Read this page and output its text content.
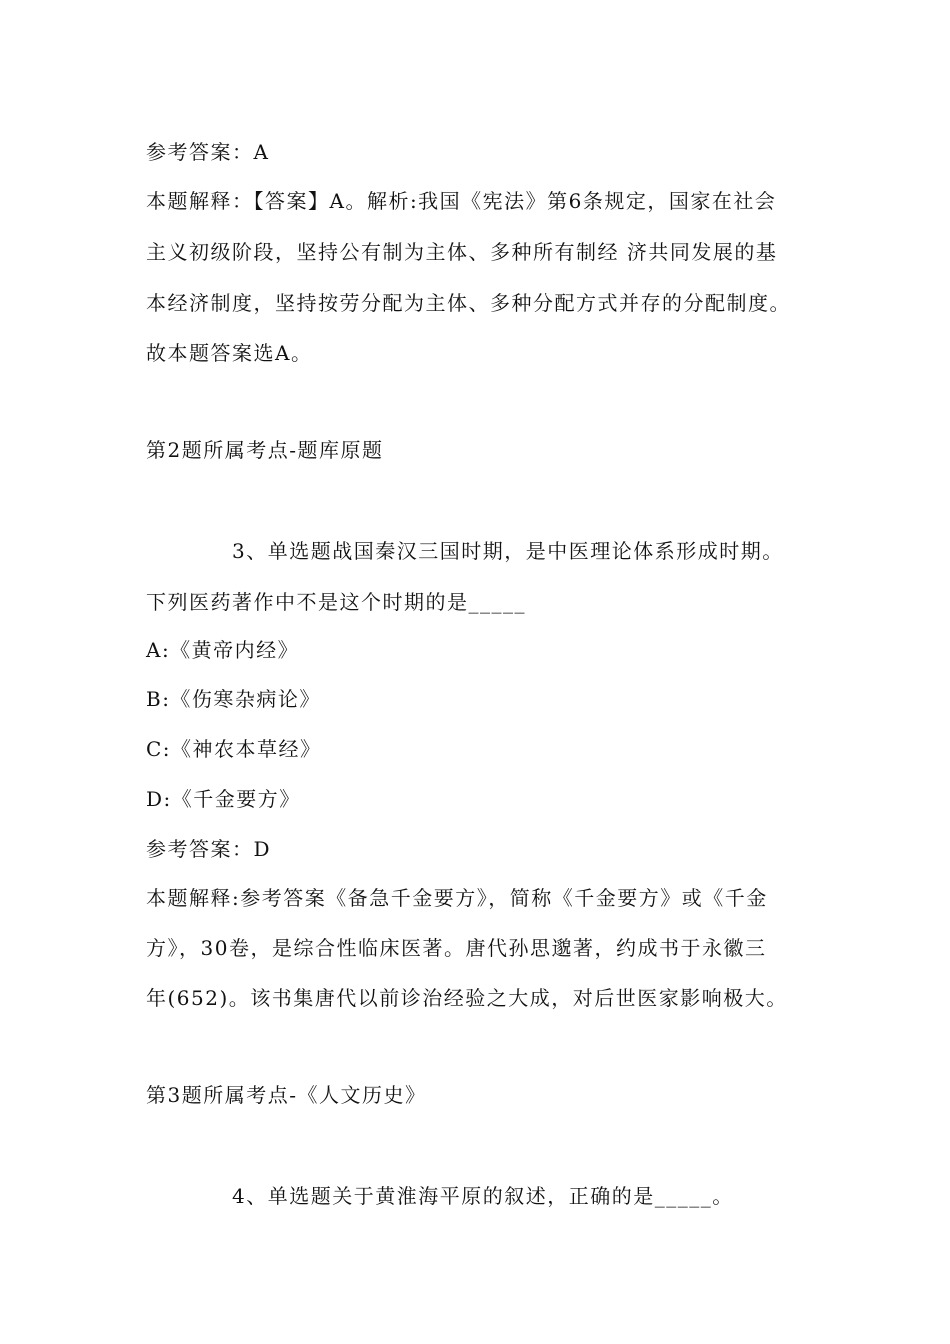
参考答案：A

本题解释：【答案】A。解析:我国《宪法》第6条规定，国家在社会

主义初级阶段，坚持公有制为主体、多种所有制经 济共同发展的基

本经济制度，坚持按劳分配为主体、多种分配方式并存的分配制度。

故本题答案选A。

第2题所属考点-题库原题

3、单选题战国秦汉三国时期，是中医理论体系形成时期。

下列医药著作中不是这个时期的是_____

A:《黄帝内经》

B:《伤寒杂病论》

C:《神农本草经》

D:《千金要方》

参考答案：D

本题解释:参考答案《备急千金要方》，简称《千金要方》或《千金

方》，30卷，是综合性临床医著。唐代孙思邈著，约成书于永徽三

年(652)。该书集唐代以前诊治经验之大成，对后世医家影响极大。

第3题所属考点-《人文历史》

4、单选题关于黄淮海平原的叙述，正确的是_____。
